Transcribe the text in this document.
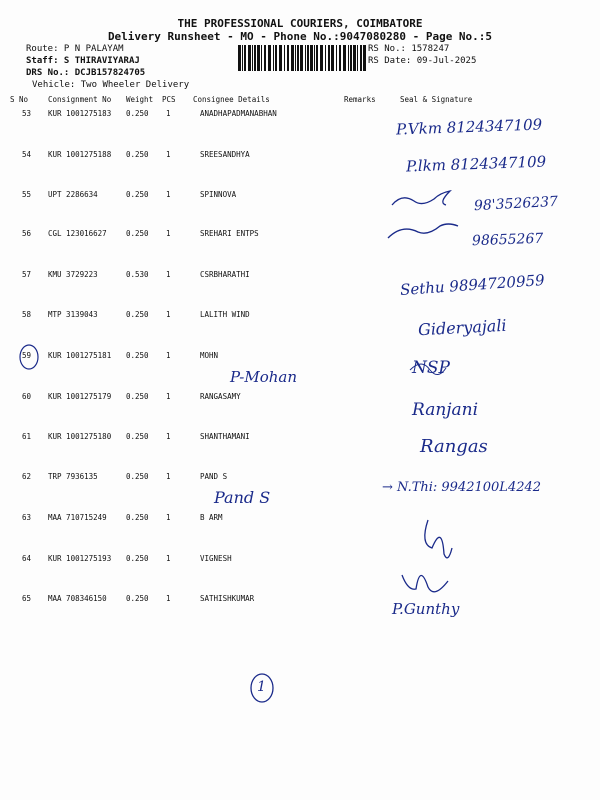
THE PROFESSIONAL COURIERS, COIMBATORE
Delivery Runsheet - MO - Phone No.:9047080280 - Page No.:5
Route: P N PALAYAM
Staff: S THIRAVIYARAJ
DRS No.: DCJB157824705
Vehicle: Two Wheeler Delivery
RS No.: 1578247
RS Date: 09-Jul-2025
S No	Consignment No Weight PCS Consignee Details	Remarks	Seal & Signature
53 KUR 1001275183 0.250 1	ANADHAPADMANABHAN
54 KUR 1001275188 0.250 1	SREESANDHYA
55 UPT 2286634	0.250 1	SPINNOVA
56 CGL 123016627	0.250 1	SREHARI ENTPS
57 KMU 3729223	0.530 1	CSRBHARATHI
58 MTP 3139043	0.250 1	LALITH WIND
59 KUR 1001275181 0.250 1	MOHN
60 KUR 1001275179 0.250 1	RANGASAMY
61 KUR 1001275180 0.250 1	SHANTHAMANI
62 TRP 7936135	0.250 1	PAND S
63 MAA 710715249	0.250 1	B ARM
64 KUR 1001275193 0.250 1	VIGNESH
65 MAA 708346150	0.250 1	SATHISHKUMAR
P.Vkm 8124347109
P.lkm 8124347109
98'3526237
98655267
Sethu 9894720959
Gideryajali
P-Mohan	NSP
Ranjani
Rangas
Pand S
→ N.Thi: 9942100L4242
P.Gunthy
1
